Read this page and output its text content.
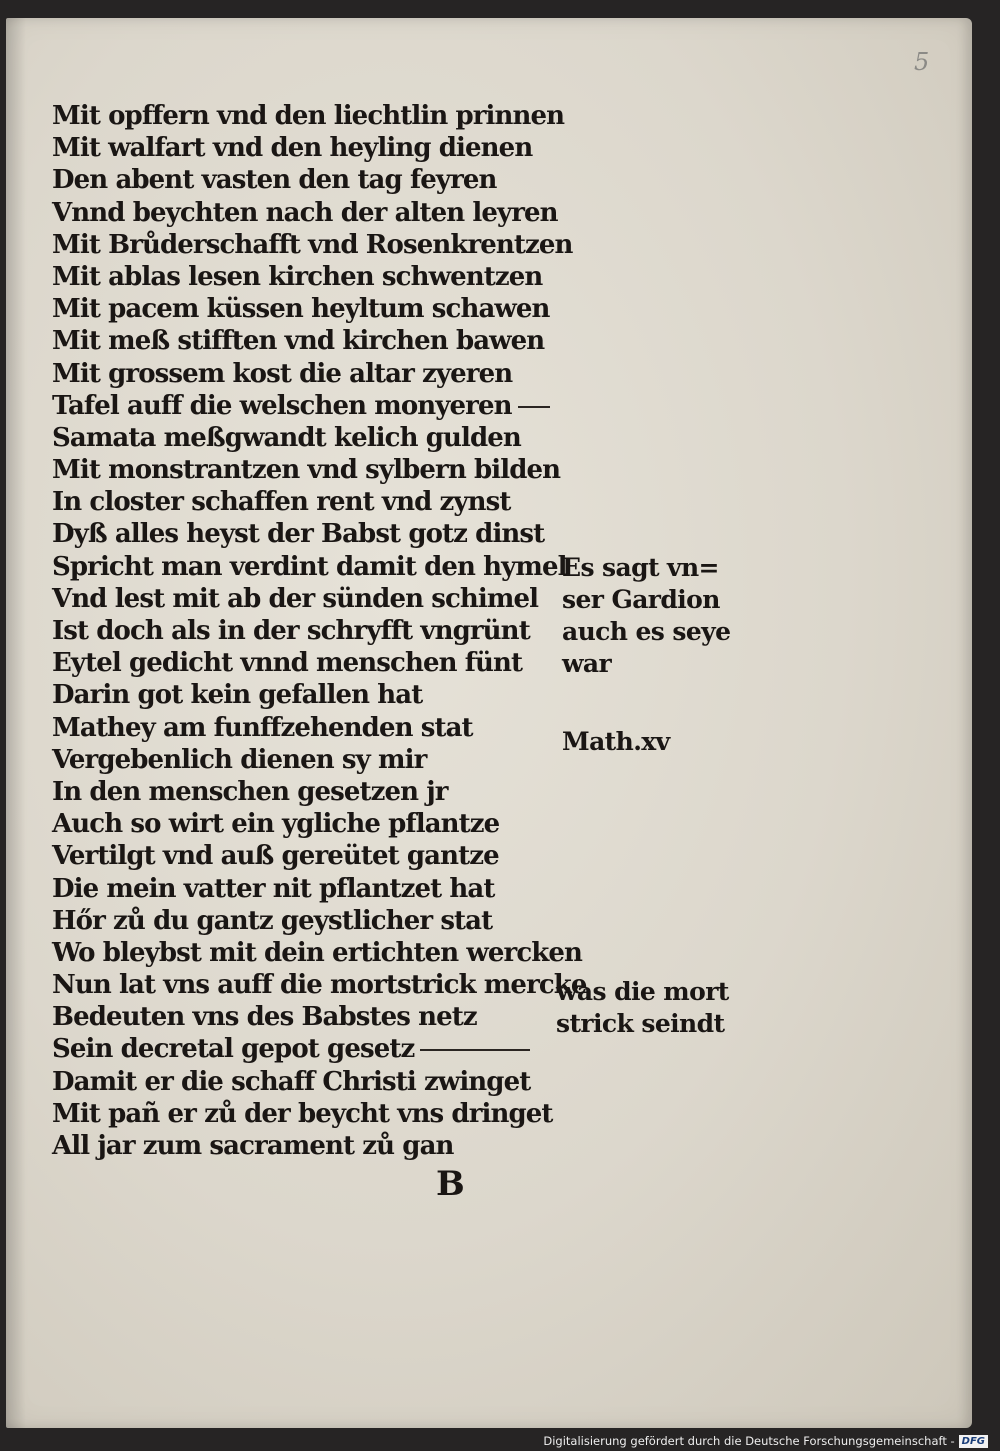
5
Mit opffern vnd den liechtlin prinnen
Mit walfart vnd den heyling dienen
Den abent vasten den tag feyren
Vnnd beychten nach der alten leyren
Mit Brůderschafft vnd Rosenkrentzen
Mit ablas lesen kirchen schwentzen
Mit pacem küssen heyltum schawen
Mit meß stifften vnd kirchen bawen
Mit grossem kost die altar zyeren
Tafel auff die welschen monyeren
Samata meßgwandt kelich gulden
Mit monstrantzen vnd sylbern bilden
In closter schaffen rent vnd zynst
Dyß alles heyst der Babst gotz dinst
Spricht man verdint damit den hymel
Vnd lest mit ab der sünden schimel
Ist doch als in der schryfft vngrünt
Eytel gedicht vnnd menschen fünt
Darin got kein gefallen hat
Mathey am funffzehenden stat
Vergebenlich dienen sy mir
In den menschen gesetzen jr
Auch so wirt ein ygliche pflantze
Vertilgt vnd auß gereütet gantze
Die mein vatter nit pflantzet hat
Hőr zů du gantz geystlicher stat
Wo bleybst mit dein ertichten wercken
Nun lat vns auff die mortstrick mercke
Bedeuten vns des Babstes netz
Sein decretal gepot gesetz
Damit er die schaff Christi zwinget
Mit pañ er zů der beycht vns dringet
All jar zum sacrament zů gan
Es sagt vn=
ser Gardion
auch es seye
war
Math.xv
was die mort
strick seindt
B
Digitalisierung gefördert durch die Deutsche Forschungsgemeinschaft - DFG
